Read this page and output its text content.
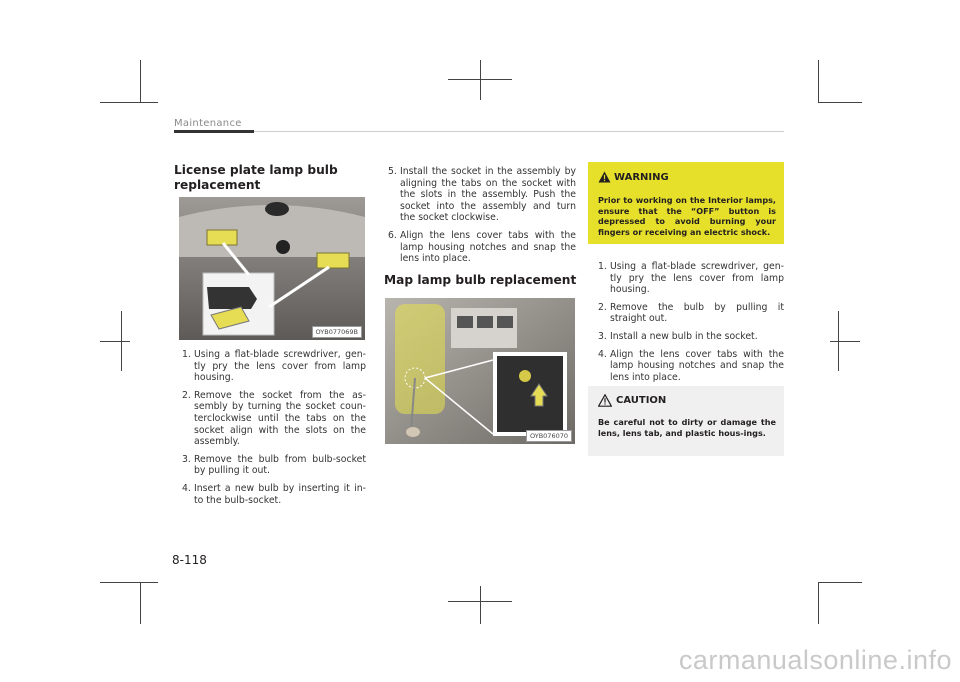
Maintenance
License plate lamp bulb replacement
OYB077069B
1. Using a flat-blade screwdriver, gen-tly pry the lens cover from lamp housing.
2. Remove the socket from the as-sembly by turning the socket coun-terclockwise until the tabs on the socket align with the slots on the assembly.
3. Remove the bulb from bulb-socket by pulling it out.
4. Insert a new bulb by inserting it in-to the bulb-socket.
5. Install the socket in the assembly by aligning the tabs on the socket with the slots in the assembly. Push the socket into the assembly and turn the socket clockwise.
6. Align the lens cover tabs with the lamp housing notches and snap the lens into place.
Map lamp bulb replacement
OYB076070
WARNING
Prior to working on the Interior lamps, ensure that the “OFF” button is depressed to avoid burning your fingers or receiving an electric shock.
1. Using a flat-blade screwdriver, gen-tly pry the lens cover from lamp housing.
2. Remove the bulb by pulling it straight out.
3. Install a new bulb in the socket.
4. Align the lens cover tabs with the lamp housing notches and snap the lens into place.
CAUTION
Be careful not to dirty or damage the lens, lens tab, and plastic hous-ings.
8-118
carmanualsonline.info
